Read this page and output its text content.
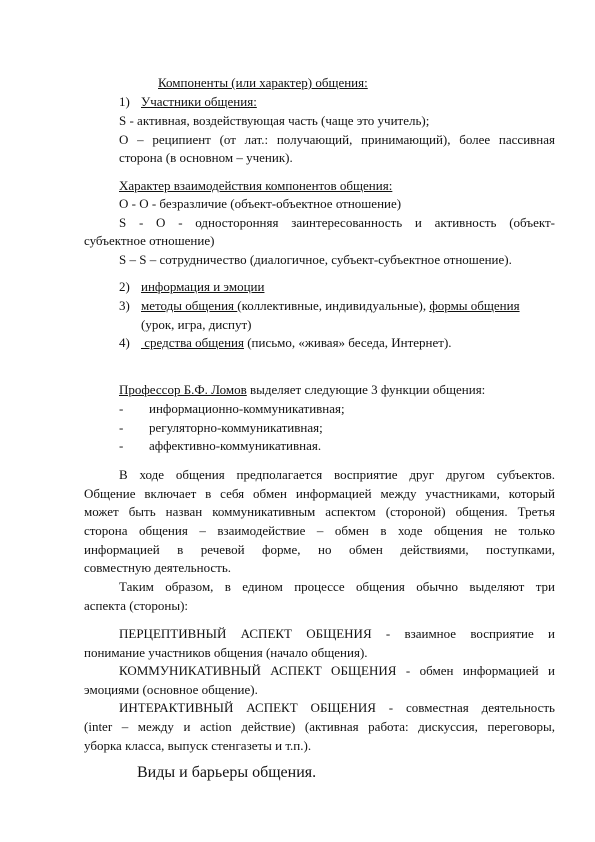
Компоненты (или характер) общения:
1) Участники общения:
S - активная, воздействующая часть (чаще это учитель);
O – реципиент (от лат.: получающий, принимающий), более пассивная
сторона (в основном – ученик).
Характер взаимодействия компонентов общения:
O - O - безразличие (объект-объектное отношение)
S - O - односторонняя заинтересованность и активность (объект-
субъектное отношение)
S – S – сотрудничество (диалогичное, субъект-субъектное отношение).
2) информация и эмоции
3) методы общения (коллективные, индивидуальные), формы общения
(урок, игра, диспут)
4) средства общения (письмо, «живая» беседа, Интернет).
Профессор Б.Ф. Ломов выделяет следующие 3 функции общения:
- информационно-коммуникативная;
- регуляторно-коммуникативная;
- аффективно-коммуникативная.
В ходе общения предполагается восприятие друг другом субъектов.
Общение включает в себя обмен информацией между участниками, который
может быть назван коммуникативным аспектом (стороной) общения. Третья
сторона общения – взаимодействие – обмен в ходе общения не только
информацией в речевой форме, но обмен действиями, поступками,
совместную деятельность.
Таким образом, в едином процессе общения обычно выделяют три
аспекта (стороны):
ПЕРЦЕПТИВНЫЙ АСПЕКТ ОБЩЕНИЯ - взаимное восприятие и
понимание участников общения (начало общения).
КОММУНИКАТИВНЫЙ АСПЕКТ ОБЩЕНИЯ - обмен информацией и
эмоциями (основное общение).
ИНТЕРАКТИВНЫЙ АСПЕКТ ОБЩЕНИЯ - совместная деятельность
(inter – между и action действие) (активная работа: дискуссия, переговоры,
уборка класса, выпуск стенгазеты и т.п.).
Виды и барьеры общения.
